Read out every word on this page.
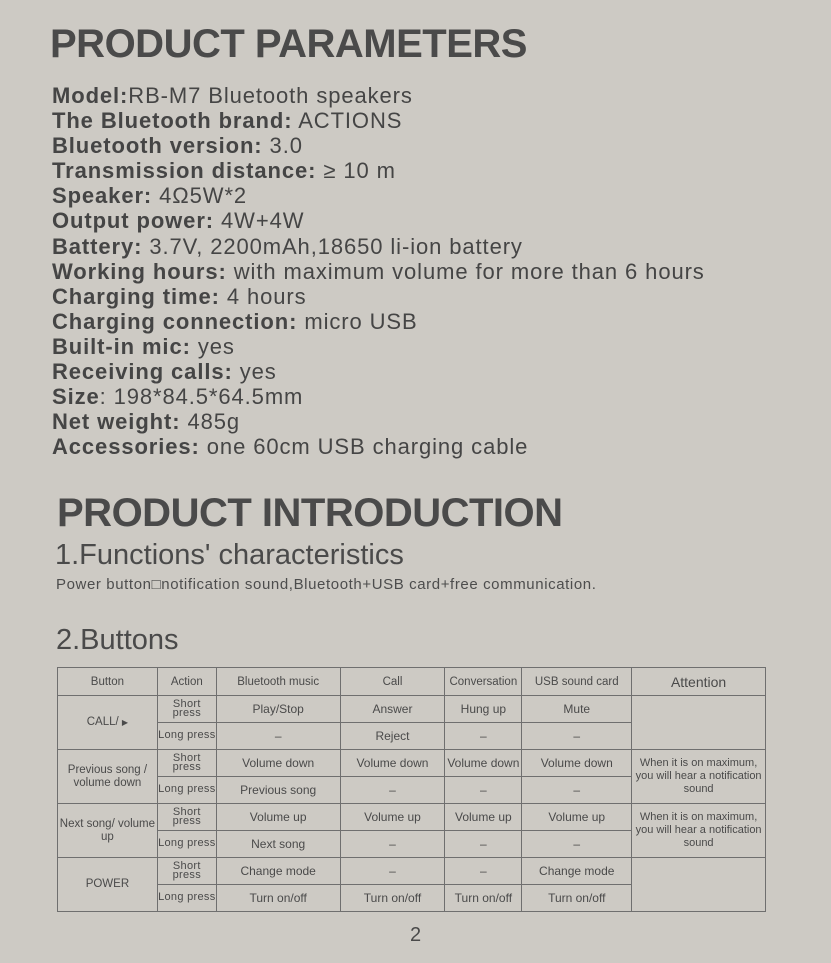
PRODUCT PARAMETERS
Model:RB-M7 Bluetooth speakers
The Bluetooth brand: ACTIONS
Bluetooth version: 3.0
Transmission distance: ≥ 10 m
Speaker: 4Ω5W*2
Output power: 4W+4W
Battery: 3.7V, 2200mAh,18650 li-ion battery
Working hours: with maximum volume for more than 6 hours
Charging time: 4 hours
Charging connection: micro USB
Built-in mic: yes
Receiving calls: yes
Size: 198*84.5*64.5mm
Net weight: 485g
Accessories: one 60cm USB charging cable
PRODUCT INTRODUCTION
1.Functions' characteristics
Power button□notification sound,Bluetooth+USB card+free communication.
2.Buttons
Button	Action	Bluetooth music	Call	Conversation	USB sound card	Attention
CALL/ ▶	Short press	Play/Stop	Answer	Hung up	Mute	
	Long press	–	Reject	–	–	
Previous song / volume down	Short press	Volume down	Volume down	Volume down	Volume down	When it is on maximum, you will hear a notification sound
	Long press	Previous song	–	–	–	
Next song/ volume up	Short press	Volume up	Volume up	Volume up	Volume up	When it is on maximum, you will hear a notification sound
	Long press	Next song	–	–	–	
POWER	Short press	Change mode	–	–	Change mode	
	Long press	Turn on/off	Turn on/off	Turn on/off	Turn on/off	
2
